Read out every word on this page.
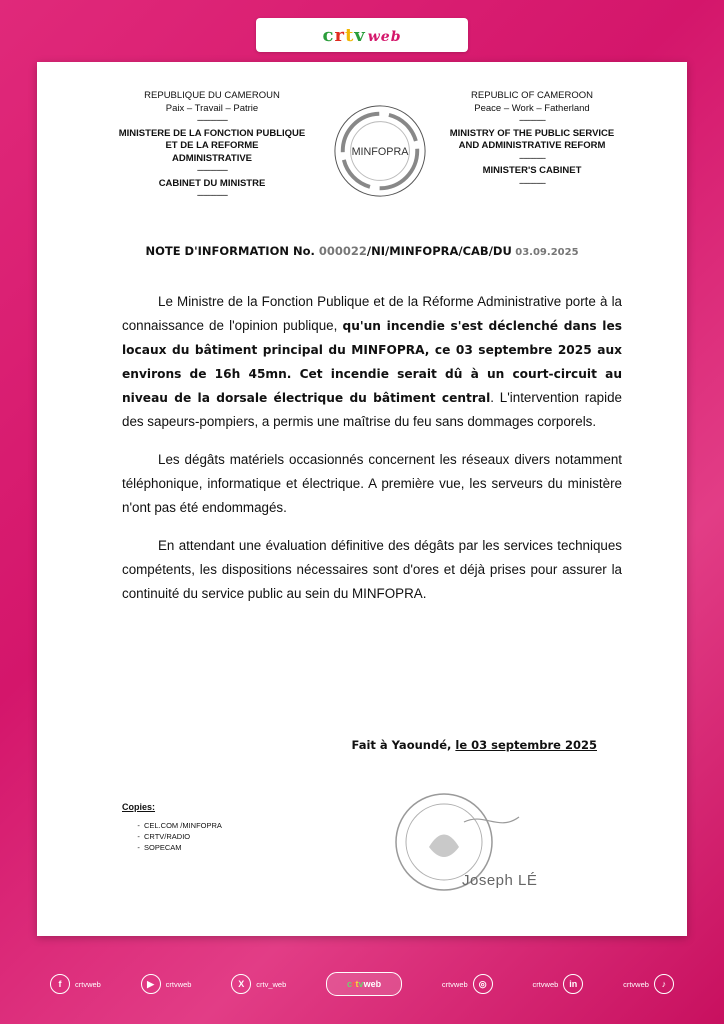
crtv web
REPUBLIQUE DU CAMEROUN
Paix – Travail – Patrie
--------------
MINISTERE DE LA FONCTION PUBLIQUE
ET DE LA REFORME
ADMINISTRATIVE
--------------
CABINET DU MINISTRE
--------------
MINFOPRA
REPUBLIC OF CAMEROON
Peace – Work – Fatherland
------------
MINISTRY OF THE PUBLIC SERVICE
AND ADMINISTRATIVE REFORM
------------
MINISTER'S CABINET
------------
NOTE D'INFORMATION No. 000022/NI/MINFOPRA/CAB/DU 03.09.2025

Le Ministre de la Fonction Publique et de la Réforme Administrative porte à la connaissance de l'opinion publique, qu'un incendie s'est déclenché dans les locaux du bâtiment principal du MINFOPRA, ce 03 septembre 2025 aux environs de 16h 45mn. Cet incendie serait dû à un court-circuit au niveau de la dorsale électrique du bâtiment central. L'intervention rapide des sapeurs-pompiers, a permis une maîtrise du feu sans dommages corporels.

Les dégâts matériels occasionnés concernent les réseaux divers notamment téléphonique, informatique et électrique. A première vue, les serveurs du ministère n'ont pas été endommagés.

En attendant une évaluation définitive des dégâts par les services techniques compétents, les dispositions nécessaires sont d'ores et déjà prises pour assurer la continuité du service public au sein du MINFOPRA.

Fait à Yaoundé, le 03 septembre 2025
Copies:
- CEL.COM /MINFOPRA
- CRTV/RADIO
- SOPECAM
Joseph LÉ
f	crtvweb	▶	crtvweb	X	crtv_web	c r t v web	crtvweb	◎	crtvweb	in	crtvweb	♪
